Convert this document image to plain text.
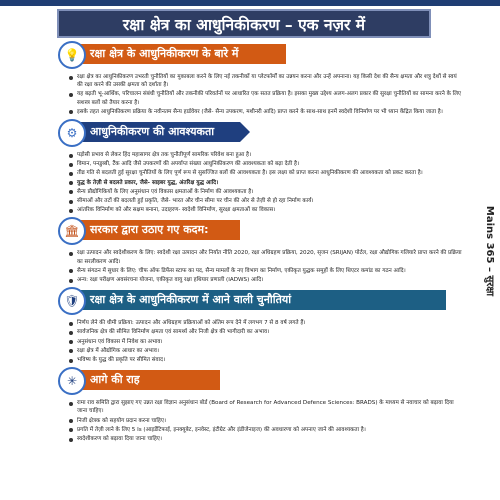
रक्षा क्षेत्र का आधुनिकीकरण – एक नज़र में
Mains 365 – सुरक्षा
💡 रक्षा क्षेत्र के आधुनिकीकरण के बारे में
रक्षा क्षेत्र का आधुनिकीकरण उभरती चुनौतियों का मुकाबला करने के लिए नई तकनीकों या प्लेटफॉर्मों का उन्नयन करना और उन्हें अपनाना। यह किसी देश की सैन्य क्षमता और शत्रु देशों से स्वयं की रक्षा करने की उसकी क्षमता को दर्शाता है।
यह बढ़ती भू-आर्थिक, परिचालन संबंधी चुनौतियों और तकनीकी परिवर्तनों पर आधारित एक सतत प्रक्रिया है। इसका मुख्य उद्देश्य अलग-अलग प्रकार की सुरक्षा चुनौतियों का सामना करने के लिए सशस्त्र बलों को तैयार करना है।
इसके तहत आधुनिकीकरण प्रक्रिया के नवीनतम सैन्य हार्डवेयर (जैसे- सैन्य उपकरण, मशीनरी आदि) प्राप्त करने के साथ-साथ इनमें स्वदेशी विनिर्माण पर भी ध्यान केंद्रित किया जाता है।
⚙	आधुनिकीकरण की आवश्यकता
पड़ोसी प्रभाव से लेकर हिंद महासागर क्षेत्र तक चुनौतीपूर्ण सामरिक परिवेश बना हुआ है।
विमान, पनडुब्बी, टैंक आदि जैसे उपकरणों की अपर्याप्त संख्या आधुनिकीकरण की आवश्यकता को बढ़ा देती है।
तीव्र गति से बदलती हुई सुरक्षा चुनौतियों के लिए पूर्ण रूप से सुसज्जित बलों की आवश्यकता है। इस लक्ष्य को प्राप्त करना आधुनिकीकरण की आवश्यकता को प्रकट करता है।
युद्ध के तेज़ी से बदलते प्रकार, जैसे- साइबर युद्ध, अंतरिक्ष युद्ध आदि।
सैन्य प्रौद्योगिकियों के लिए अनुसंधान एवं विकास क्षमताओं के निर्माण की आवश्यकता है।
सीमाओं और तटों की बदलती हुई प्रकृति, जैसे- भारत और चीन सीमा पर चीन की ओर से तेज़ी से हो रहा निर्माण कार्य।
आंतरिक विनिर्माण को और सक्षम बनाना, उदाहरण- स्वदेशी विनिर्माण, सुरक्षा क्षमताओं का विकास।
🏛 सरकार द्वारा उठाए गए कदम:
रक्षा उत्पादन और स्वदेशीकरण के लिए: स्वदेशी रक्षा उत्पादन और निर्यात नीति 2020, रक्षा अधिग्रहण प्रक्रिया, 2020, सृजन (SRIJAN) पोर्टल, रक्षा औद्योगिक गलियारे प्राप्त करने की प्रक्रिया का सरलीकरण आदि।
सैन्य संगठन में सुधार के लिए: चीफ ऑफ डिफेंस स्टाफ का पद, सैन्य मामलों के नए विभाग का निर्माण, एकीकृत युद्धक समूहों के लिए थिएटर कमांड का गठन आदि।
अन्य: रक्षा परीक्षण अवसंरचना योजना, एकीकृत वायु रक्षा हथियार प्रणाली (IADWS) आदि।
🛡 रक्षा क्षेत्र के आधुनिकीकरण में आने वाली चुनौतियां
निर्णय लेने की धीमी प्रक्रिया: उत्पादन और अधिग्रहण प्रक्रियाओं को अंतिम रूप देने में लगभग 7 से 8 वर्ष लगते हैं।
सार्वजनिक क्षेत्र की सीमित विनिर्माण क्षमता एवं सामर्थ्य और निजी क्षेत्र की भागीदारी का अभाव।
अनुसंधान एवं विकास में निवेश का अभाव।
रक्षा क्षेत्र में औद्योगिक आधार का अभाव।
भविष्य के युद्ध की प्रकृति पर सीमित संवाद।
✳	आगे की राह
रामा राव समिति द्वारा सुझाए गए उन्नत रक्षा विज्ञान अनुसंधान बोर्ड (Board of Research for Advanced Defence Sciences: BRADS) के माध्यम से नवाचार को बढ़ावा दिया जाना चाहिए।
निजी क्षेत्रक को सहयोग प्रदान करना चाहिए।
प्रगति में तेज़ी लाने के लिए 5 Is (आइडेंटिफाई, इनक्यूबेट, इनवेस्ट, इंटीग्रेट और इंडीजेनाइज) की अवधारणा को अपनाए जाने की आवश्यकता है।
स्वदेशीकरण को बढ़ावा दिया जाना चाहिए।
